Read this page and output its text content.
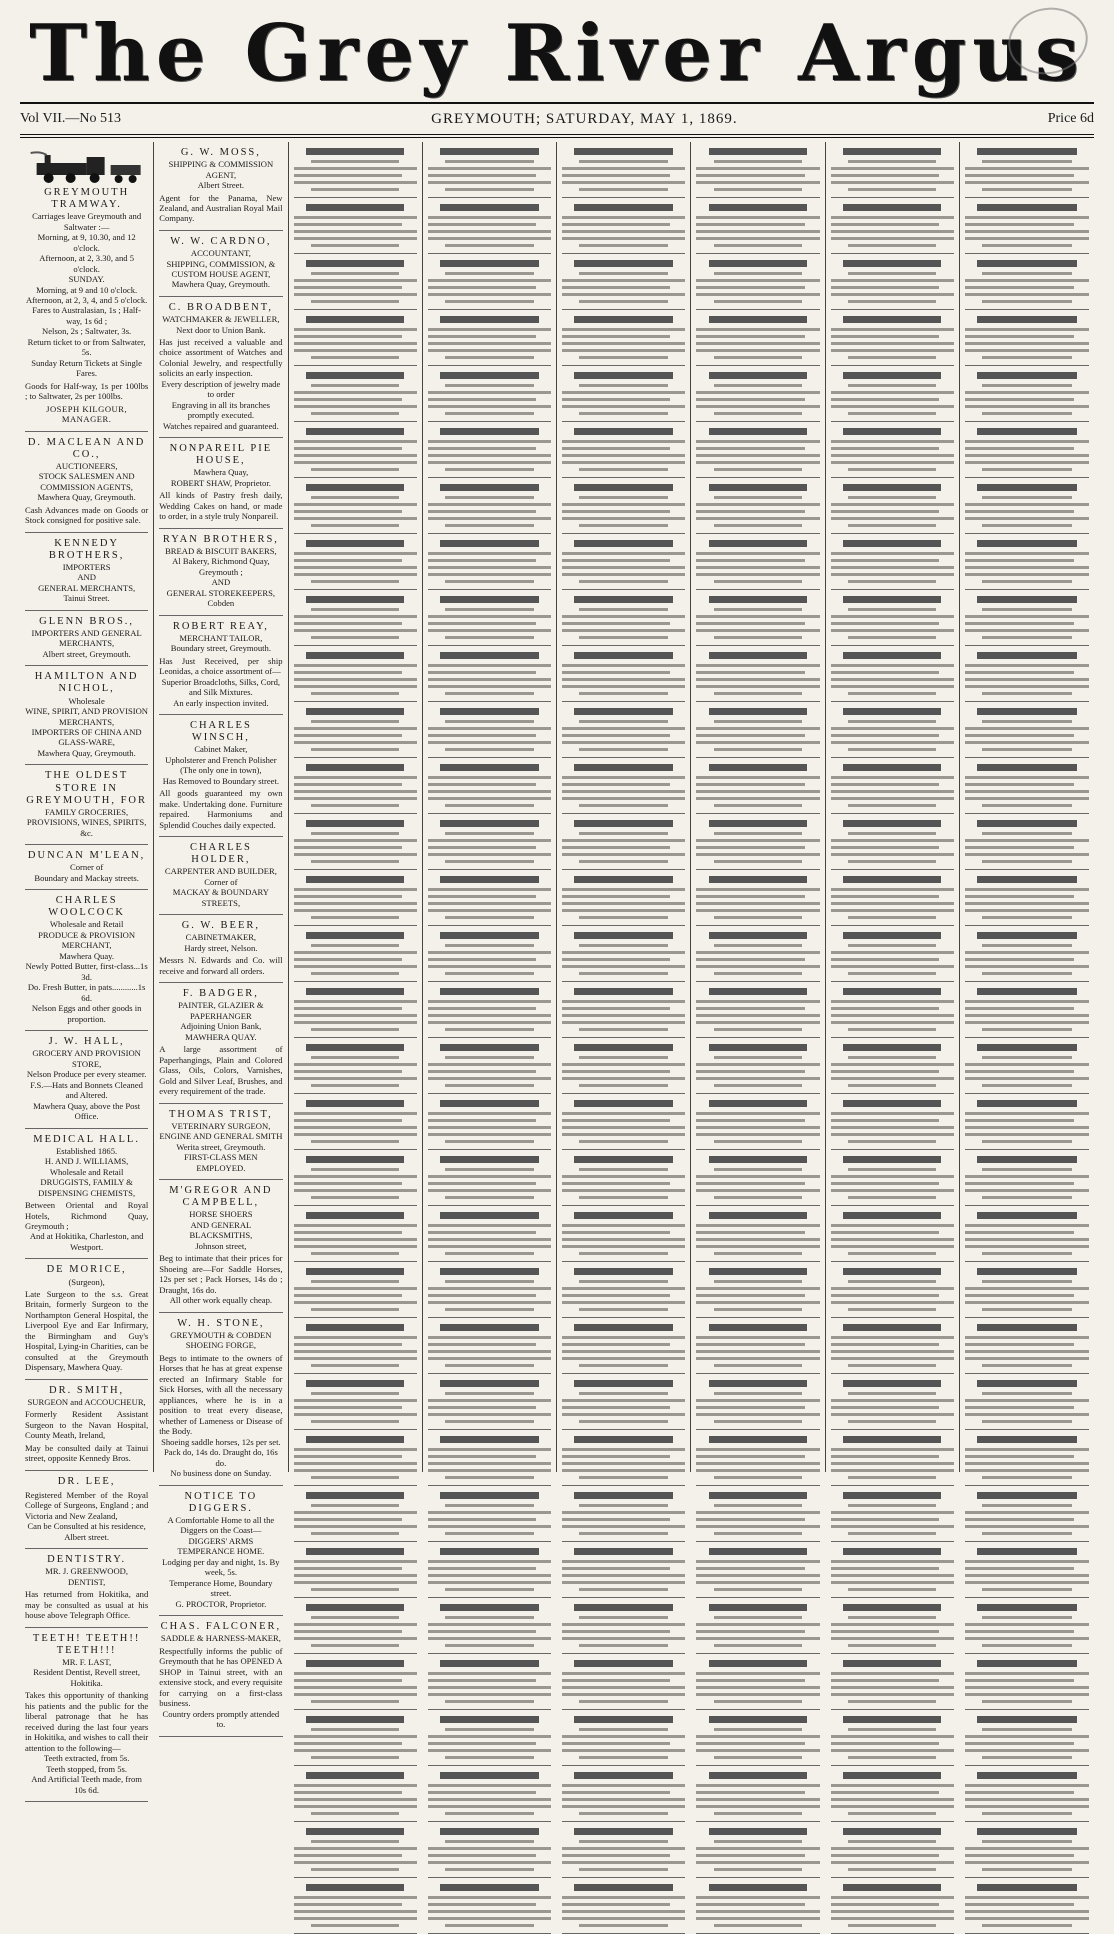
The Grey River Argus
Vol VII.—No 513	GREYMOUTH; SATURDAY, MAY 1, 1869.	Price 6d
GREYMOUTH TRAMWAY.
Carriages leave Greymouth and Saltwater :—
Morning, at 9, 10.30, and 12 o'clock.
Afternoon, at 2, 3.30, and 5 o'clock.
SUNDAY.
Morning, at 9 and 10 o'clock.
Afternoon, at 2, 3, 4, and 5 o'clock.
Fares to Australasian, 1s ; Half-way, 1s 6d ;
Nelson, 2s ; Saltwater, 3s.
Return ticket to or from Saltwater, 5s.
Sunday Return Tickets at Single Fares.
Goods for Half-way, 1s per 100lbs ; to Saltwater, 2s per 100lbs.
JOSEPH KILGOUR, MANAGER.
D. MACLEAN AND CO.,
AUCTIONEERS,
STOCK SALESMEN AND COMMISSION AGENTS,
Mawhera Quay, Greymouth.
Cash Advances made on Goods or Stock consigned for positive sale.
KENNEDY BROTHERS,
IMPORTERS
AND
GENERAL MERCHANTS,
Tainui Street.
GLENN BROS.,
IMPORTERS AND GENERAL
MERCHANTS,
Albert street, Greymouth.
HAMILTON AND NICHOL,
Wholesale
WINE, SPIRIT, AND PROVISION MERCHANTS,
IMPORTERS OF CHINA AND GLASS-WARE,
Mawhera Quay, Greymouth.
THE OLDEST STORE IN GREYMOUTH, FOR
FAMILY GROCERIES, PROVISIONS, WINES, SPIRITS, &c.
DUNCAN M'LEAN,
Corner of
Boundary and Mackay streets.
CHARLES WOOLCOCK
Wholesale and Retail
PRODUCE & PROVISION MERCHANT,
Mawhera Quay.
Newly Potted Butter, first-class...1s 3d.
Do. Fresh Butter, in pats............1s 6d.
Nelson Eggs and other goods in proportion.
J. W. HALL,
GROCERY AND PROVISION STORE,
Nelson Produce per every steamer.
F.S.—Hats and Bonnets Cleaned and Altered.
Mawhera Quay, above the Post Office.
MEDICAL HALL.
Established 1865.
H. AND J. WILLIAMS,
Wholesale and Retail
DRUGGISTS, FAMILY & DISPENSING CHEMISTS,
Between Oriental and Royal Hotels, Richmond Quay, Greymouth ;
And at Hokitika, Charleston, and Westport.
DE MORICE,
(Surgeon),
Late Surgeon to the s.s. Great Britain, formerly Surgeon to the Northampton General Hospital, the Liverpool Eye and Ear Infirmary, the Birmingham and Guy's Hospital, Lying-in Charities, can be consulted at the Greymouth Dispensary, Mawhera Quay.
DR. SMITH,
SURGEON and ACCOUCHEUR,
Formerly Resident Assistant Surgeon to the Navan Hospital, County Meath, Ireland,
May be consulted daily at Tainui street, opposite Kennedy Bros.
DR. LEE,
Registered Member of the Royal College of Surgeons, England ; and Victoria and New Zealand,
Can be Consulted at his residence, Albert street.
DENTISTRY.
MR. J. GREENWOOD,
DENTIST,
Has returned from Hokitika, and may be consulted as usual at his house above Telegraph Office.
TEETH! TEETH!! TEETH!!!
MR. F. LAST,
Resident Dentist, Revell street, Hokitika.
Takes this opportunity of thanking his patients and the public for the liberal patronage that he has received during the last four years in Hokitika, and wishes to call their attention to the following—
Teeth extracted, from 5s.
Teeth stopped, from 5s.
And Artificial Teeth made, from 10s 6d.
G. W. MOSS,
SHIPPING & COMMISSION AGENT,
Albert Street.
Agent for the Panama, New Zealand, and Australian Royal Mail Company.
W. W. CARDNO,
ACCOUNTANT,
SHIPPING, COMMISSION, & CUSTOM HOUSE AGENT,
Mawhera Quay, Greymouth.
C. BROADBENT,
WATCHMAKER & JEWELLER,
Next door to Union Bank.
Has just received a valuable and choice assortment of Watches and Colonial Jewelry, and respectfully solicits an early inspection.
Every description of jewelry made to order
Engraving in all its branches promptly executed.
Watches repaired and guaranteed.
NONPAREIL PIE HOUSE,
Mawhera Quay,
ROBERT SHAW, Proprietor.
All kinds of Pastry fresh daily, Wedding Cakes on hand, or made to order, in a style truly Nonpareil.
RYAN BROTHERS,
BREAD & BISCUIT BAKERS,
Al Bakery, Richmond Quay, Greymouth ;
AND
GENERAL STOREKEEPERS, Cobden
ROBERT REAY,
MERCHANT TAILOR,
Boundary street, Greymouth.
Has Just Received, per ship Leonidas, a choice assortment of—
Superior Broadcloths, Silks, Cord, and Silk Mixtures.
An early inspection invited.
CHARLES WINSCH,
Cabinet Maker,
Upholsterer and French Polisher
(The only one in town),
Has Removed to Boundary street.
All goods guaranteed my own make. Undertaking done. Furniture repaired. Harmoniums and Splendid Couches daily expected.
CHARLES HOLDER,
CARPENTER AND BUILDER,
Corner of
MACKAY & BOUNDARY STREETS,
G. W. BEER,
CABINETMAKER,
Hardy street, Nelson.
Messrs N. Edwards and Co. will receive and forward all orders.
F. BADGER,
PAINTER, GLAZIER & PAPERHANGER
Adjoining Union Bank,
MAWHERA QUAY.
A large assortment of Paperhangings, Plain and Colored Glass, Oils, Colors, Varnishes, Gold and Silver Leaf, Brushes, and every requirement of the trade.
THOMAS TRIST,
VETERINARY SURGEON,
ENGINE AND GENERAL SMITH
Werita street, Greymouth.
FIRST-CLASS MEN EMPLOYED.
M'GREGOR AND CAMPBELL,
HORSE SHOERS
AND GENERAL BLACKSMITHS,
Johnson street,
Beg to intimate that their prices for Shoeing are—For Saddle Horses, 12s per set ; Pack Horses, 14s do ; Draught, 16s do.
All other work equally cheap.
W. H. STONE,
GREYMOUTH & COBDEN SHOEING FORGE,
Begs to intimate to the owners of Horses that he has at great expense erected an Infirmary Stable for Sick Horses, with all the necessary appliances, where he is in a position to treat every disease, whether of Lameness or Disease of the Body.
Shoeing saddle horses, 12s per set.
Pack do, 14s do. Draught do, 16s do.
No business done on Sunday.
NOTICE TO DIGGERS.
A Comfortable Home to all the Diggers on the Coast—
DIGGERS' ARMS TEMPERANCE HOME.
Lodging per day and night, 1s. By week, 5s.
Temperance Home, Boundary street.
G. PROCTOR, Proprietor.
CHAS. FALCONER,
SADDLE & HARNESS-MAKER,
Respectfully informs the public of Greymouth that he has OPENED A SHOP in Tainui street, with an extensive stock, and every requisite for carrying on a first-class business.
Country orders promptly attended to.
